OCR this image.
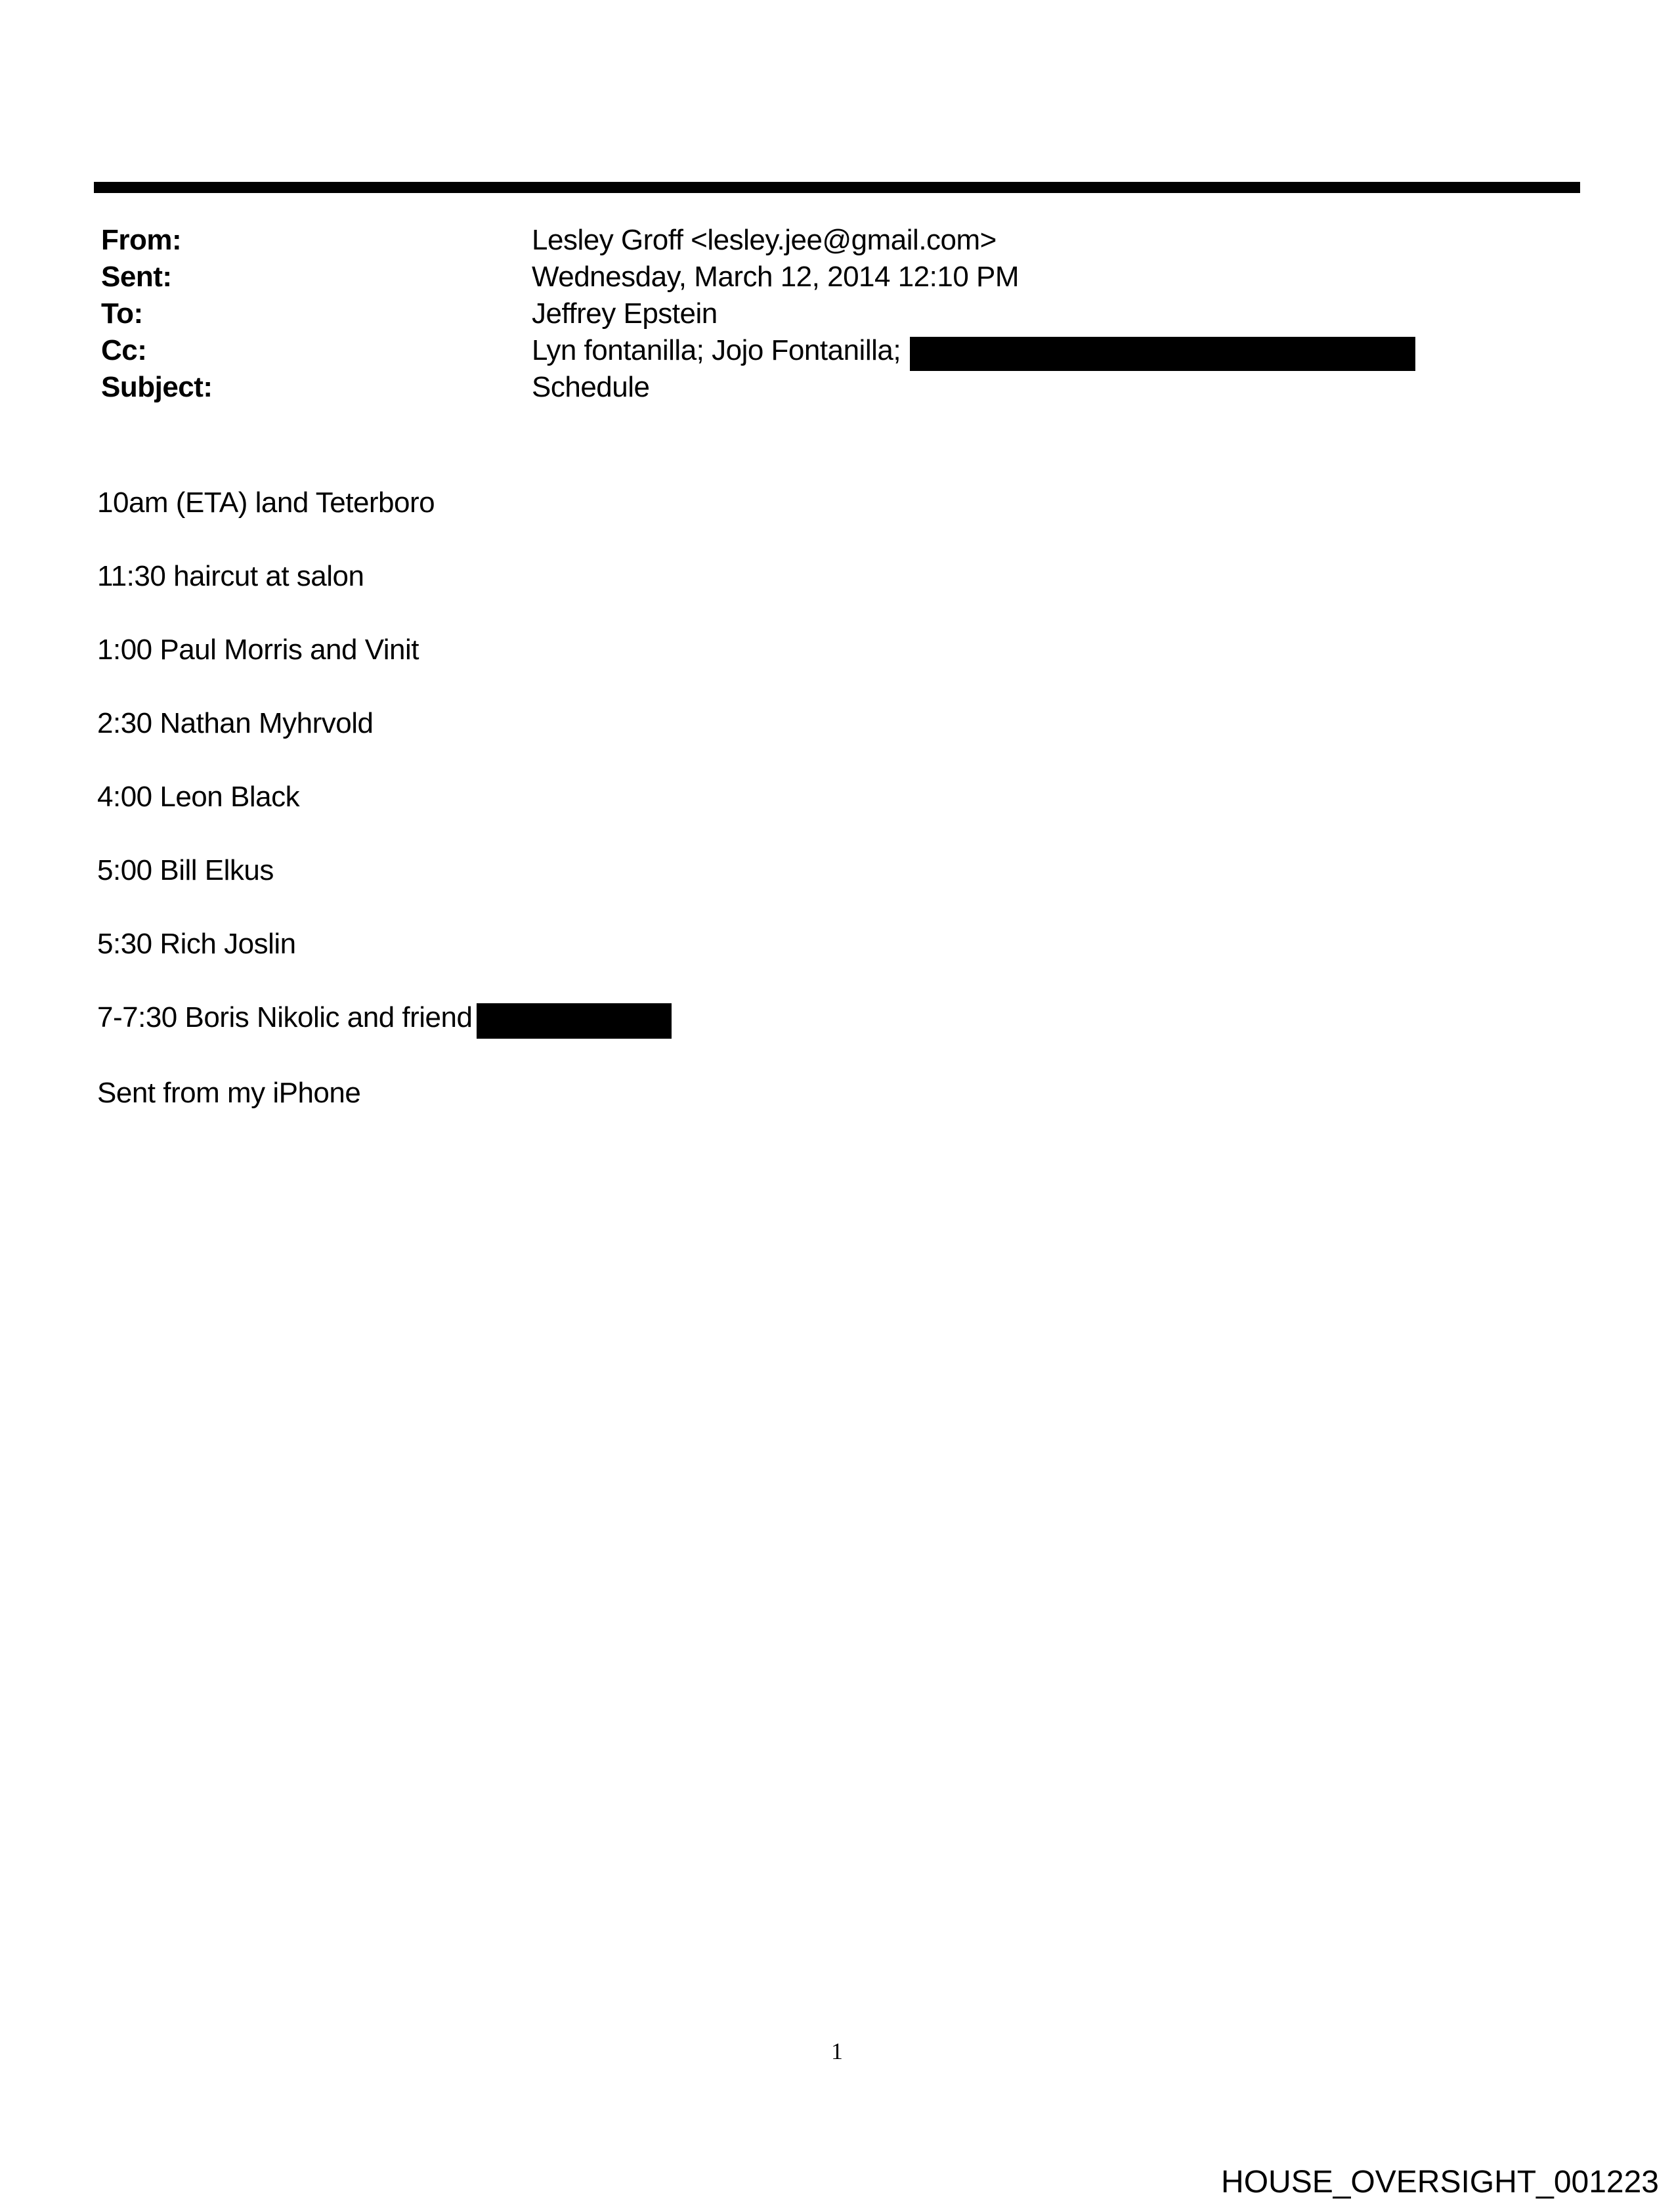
From:	Lesley Groff <lesley.jee@gmail.com>
Sent:	Wednesday, March 12, 2014 12:10 PM
To:	Jeffrey Epstein
Cc:	Lyn fontanilla; Jojo Fontanilla;
Subject:	Schedule

10am (ETA) land Teterboro

11:30 haircut at salon

1:00 Paul Morris and Vinit

2:30 Nathan Myhrvold

4:00 Leon Black

5:00 Bill Elkus

5:30 Rich Joslin

7-7:30 Boris Nikolic and friend

Sent from my iPhone

1
HOUSE_OVERSIGHT_001223
